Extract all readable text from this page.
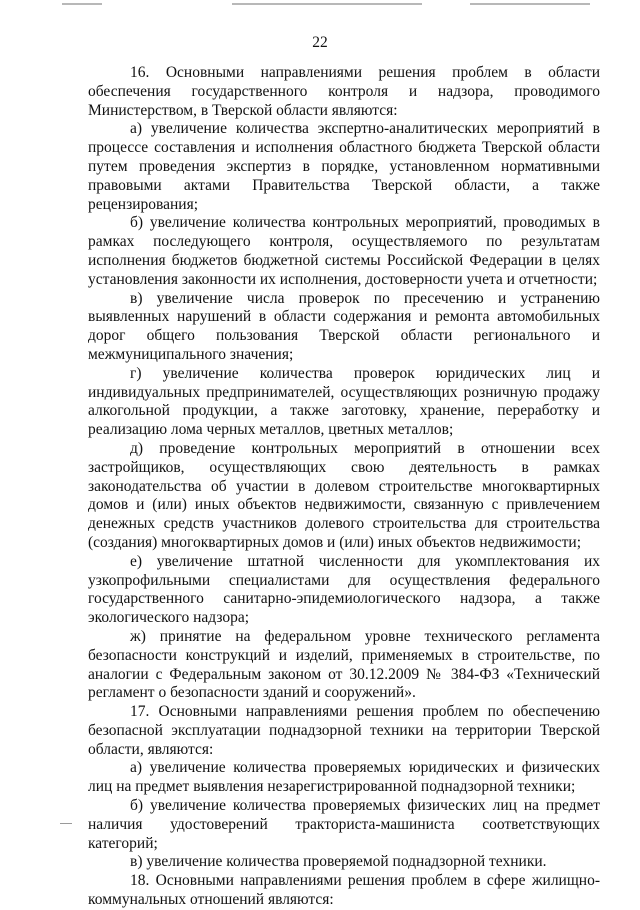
22

16. Основными направлениями решения проблем в области обеспечения государственного контроля и надзора, проводимого Министерством, в Тверской области являются:

а) увеличение количества экспертно-аналитических мероприятий в процессе составления и исполнения областного бюджета Тверской области путем проведения экспертиз в порядке, установленном нормативными правовыми актами Правительства Тверской области, а также рецензирования;

б) увеличение количества контрольных мероприятий, проводимых в рамках последующего контроля, осуществляемого по результатам исполнения бюджетов бюджетной системы Российской Федерации в целях установления законности их исполнения, достоверности учета и отчетности;

в) увеличение числа проверок по пресечению и устранению выявленных нарушений в области содержания и ремонта автомобильных дорог общего пользования Тверской области регионального и межмуниципального значения;

г) увеличение количества проверок юридических лиц и индивидуальных предпринимателей, осуществляющих розничную продажу алкогольной продукции, а также заготовку, хранение, переработку и реализацию лома черных металлов, цветных металлов;

д) проведение контрольных мероприятий в отношении всех застройщиков, осуществляющих свою деятельность в рамках законодательства об участии в долевом строительстве многоквартирных домов и (или) иных объектов недвижимости, связанную с привлечением денежных средств участников долевого строительства для строительства (создания) многоквартирных домов и (или) иных объектов недвижимости;

е) увеличение штатной численности для укомплектования их узкопрофильными специалистами для осуществления федерального государственного санитарно-эпидемиологического надзора, а также экологического надзора;

ж) принятие на федеральном уровне технического регламента безопасности конструкций и изделий, применяемых в строительстве, по аналогии с Федеральным законом от 30.12.2009 № 384-ФЗ «Технический регламент о безопасности зданий и сооружений».

17. Основными направлениями решения проблем по обеспечению безопасной эксплуатации поднадзорной техники на территории Тверской области, являются:

а) увеличение количества проверяемых юридических и физических лиц на предмет выявления незарегистрированной поднадзорной техники;

б) увеличение количества проверяемых физических лиц на предмет наличия удостоверений тракториста-машиниста соответствующих категорий;

в) увеличение количества проверяемой поднадзорной техники.

18. Основными направлениями решения проблем в сфере жилищно-коммунальных отношений являются:
